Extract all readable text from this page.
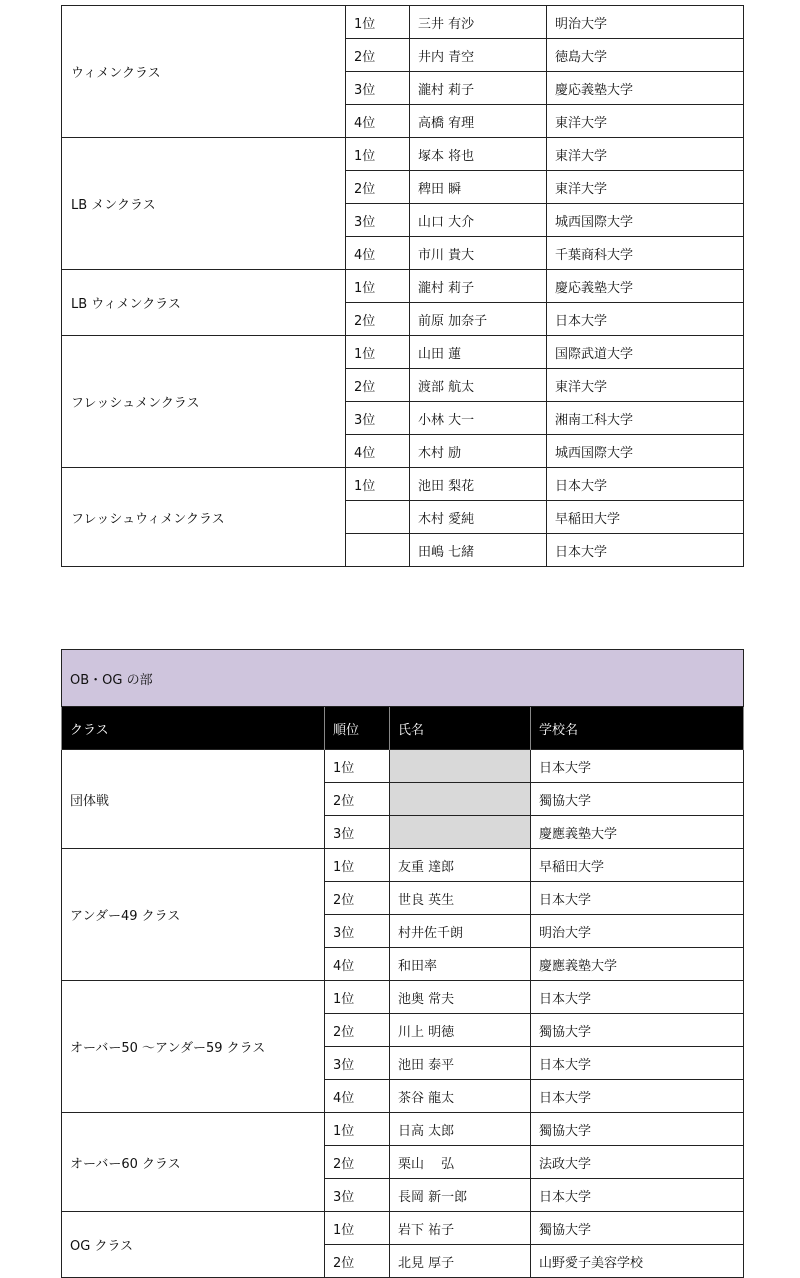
ウィメンクラス	1位	三井 有沙	明治大学
	2位	井内 青空	徳島大学
	3位	瀧村 莉子	慶応義塾大学
	4位	高橋 宥理	東洋大学
LB メンクラス	1位	塚本 将也	東洋大学
	2位	稗田 瞬	東洋大学
	3位	山口 大介	城西国際大学
	4位	市川 貴大	千葉商科大学
LB ウィメンクラス	1位	瀧村 莉子	慶応義塾大学
	2位	前原 加奈子	日本大学
フレッシュメンクラス	1位	山田 蓮	国際武道大学
	2位	渡部 航太	東洋大学
	3位	小林 大一	湘南工科大学
	4位	木村 励	城西国際大学
フレッシュウィメンクラス	1位	池田 梨花	日本大学
		木村 愛純	早稲田大学
		田嶋 七緒	日本大学
OB・OG の部			
クラス	順位	氏名	学校名
団体戦	1位		日本大学
	2位		獨協大学
	3位		慶應義塾大学
アンダー49 クラス	1位	友重 達郎	早稲田大学
	2位	世良 英生	日本大学
	3位	村井佐千朗	明治大学
	4位	和田率	慶應義塾大学
オーバー50 ～アンダー59 クラス	1位	池奥 常夫	日本大学
	2位	川上 明徳	獨協大学
	3位	池田 泰平	日本大学
	4位	茶谷 龍太	日本大学
オーバー60 クラス	1位	日高 太郎	獨協大学
	2位	栗山　 弘	法政大学
	3位	長岡 新一郎	日本大学
OG クラス	1位	岩下 祐子	獨協大学
	2位	北見 厚子	山野愛子美容学校
